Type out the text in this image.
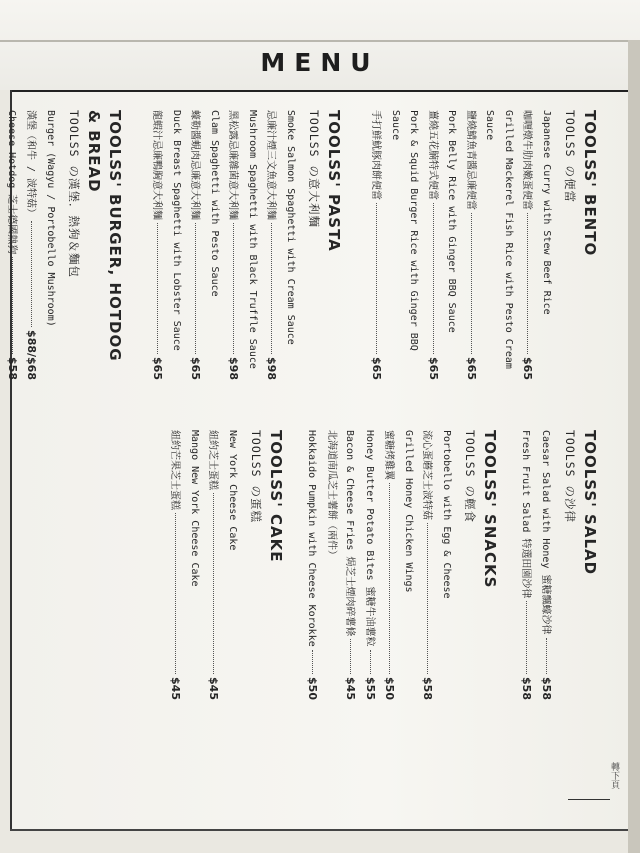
MENU
TOOLSS' BENTO
TOOLSS の便當
Japanese Curry with Stew Beef Rice
咖喱燉牛肋肉嫩蛋便當
$65
Grilled Mackerel Fish Rice with Pesto Cream Sauce
鹽燒鯖魚青醬忌廉便當
$65
Pork Belly Rice with Ginger BBQ Sauce
薑燒五花腩特式便當
$65
Pork & Squid Burger Rice with Ginger BBQ Sauce
手打鮮魷豚肉餅便當
$65
TOOLSS' PASTA
TOOLSS の意大利麵
Smoke Salmon Spaghetti with Cream Sauce
忌廉汁煙三文魚意大利麵
$98
Mushroom Spaghetti with Black Truffle Sauce
黑松露忌廉雜菌意大利麵
$98
Clam Spaghetti with Pesto Sauce
蠔勒醬蜆肉忌廉意大利麵
$65
Duck Breast Spaghetti with Lobster Sauce
龍蝦汁忌廉鴨胸意大利麵
$65
TOOLSS' BURGER, HOTDOG & BREAD
TOOLSS の漢堡．熱狗＆麵包
Burger (Wagyu / Portobello Mushroom)
漢堡（和牛 / 波特菇）
$88/$68
Cheese Hotdog 芝士德國熱狗
$58
TOOLSS' SALAD
TOOLSS の沙律
Caesar Salad with Honey 蜜糖飄蠔沙律
$58
Fresh Fruit Salad 特選田園沙律
$58
TOOLSS' SNACKS
TOOLSS の輕食
Portobello with Egg & Cheese
流心蛋蘑芝士波特菇
$58
Grilled Honey Chicken Wings
蜜糖烤雞翼
$50
Honey Butter Potato Bites 蜜糖牛油薯粒
$55
Bacon & Cheese Fries 焗芝士煙肉碎薯條
$45
北海道南瓜芝士薯餅（兩件）
Hokkaido Pumpkin with Cheese Korokke
$50
TOOLSS' CAKE
TOOLSS の蛋糕
New York Cheese Cake
紐約芝士蛋糕
$45
Mango New York Cheese Cake
紐約芒果芝士蛋糕
$45
轉下頁
